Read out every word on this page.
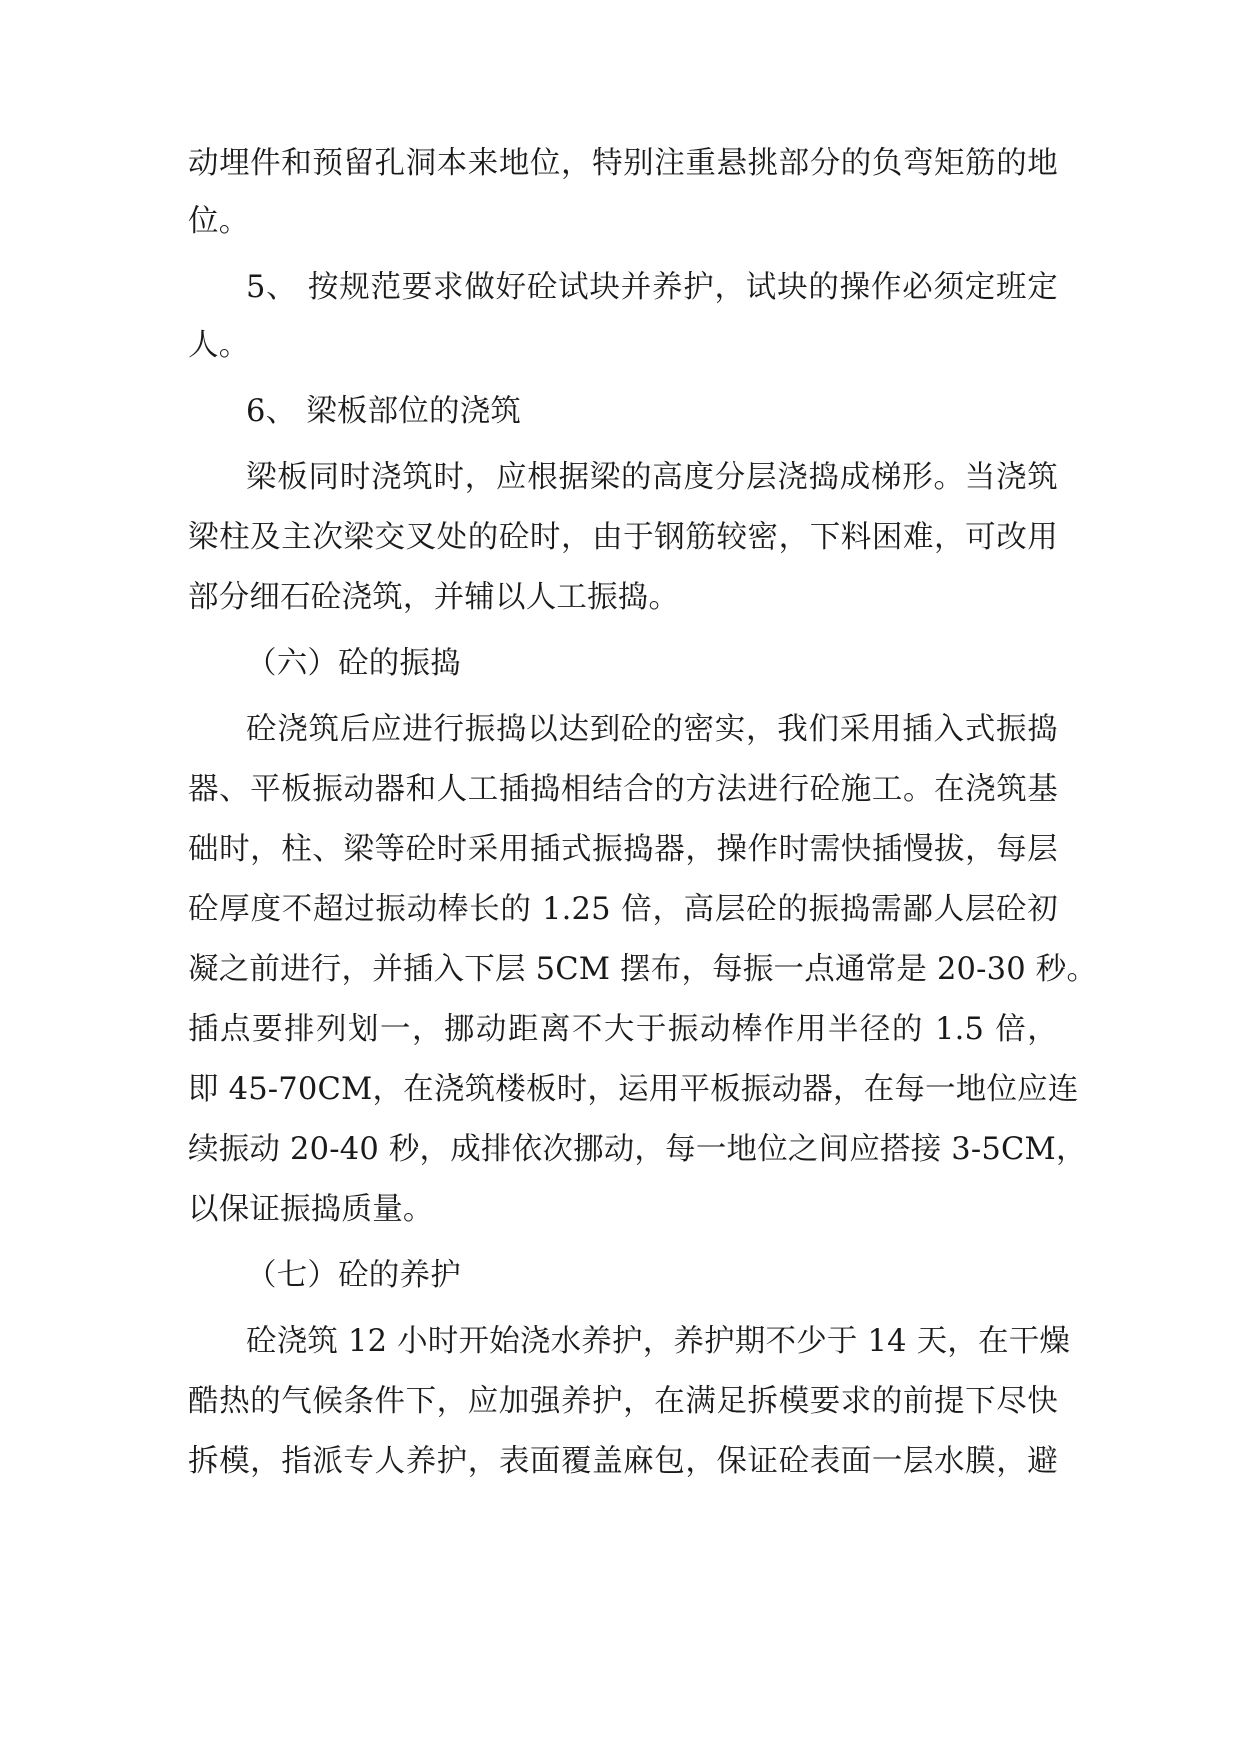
动埋件和预留孔洞本来地位，特别注重悬挑部分的负弯矩筋的地
位。
5、 按规范要求做好砼试块并养护，试块的操作必须定班定
人。
6、 梁板部位的浇筑
梁板同时浇筑时，应根据梁的高度分层浇捣成梯形。当浇筑
梁柱及主次梁交叉处的砼时，由于钢筋较密，下料困难，可改用
部分细石砼浇筑，并辅以人工振捣。
（六）砼的振捣
砼浇筑后应进行振捣以达到砼的密实，我们采用插入式振捣
器、平板振动器和人工插捣相结合的方法进行砼施工。在浇筑基
础时，柱、梁等砼时采用插式振捣器，操作时需快插慢拔，每层
砼厚度不超过振动棒长的 1.25 倍，高层砼的振捣需鄙人层砼初
凝之前进行，并插入下层 5CM 摆布，每振一点通常是 20-30 秒。
插点要排列划一，挪动距离不大于振动棒作用半径的 1.5 倍，
即 45-70CM，在浇筑楼板时，运用平板振动器，在每一地位应连
续振动 20-40 秒，成排依次挪动，每一地位之间应搭接 3-5CM，
以保证振捣质量。
（七）砼的养护
砼浇筑 12 小时开始浇水养护，养护期不少于 14 天，在干燥
酷热的气候条件下，应加强养护，在满足拆模要求的前提下尽快
拆模，指派专人养护，表面覆盖麻包，保证砼表面一层水膜，避
